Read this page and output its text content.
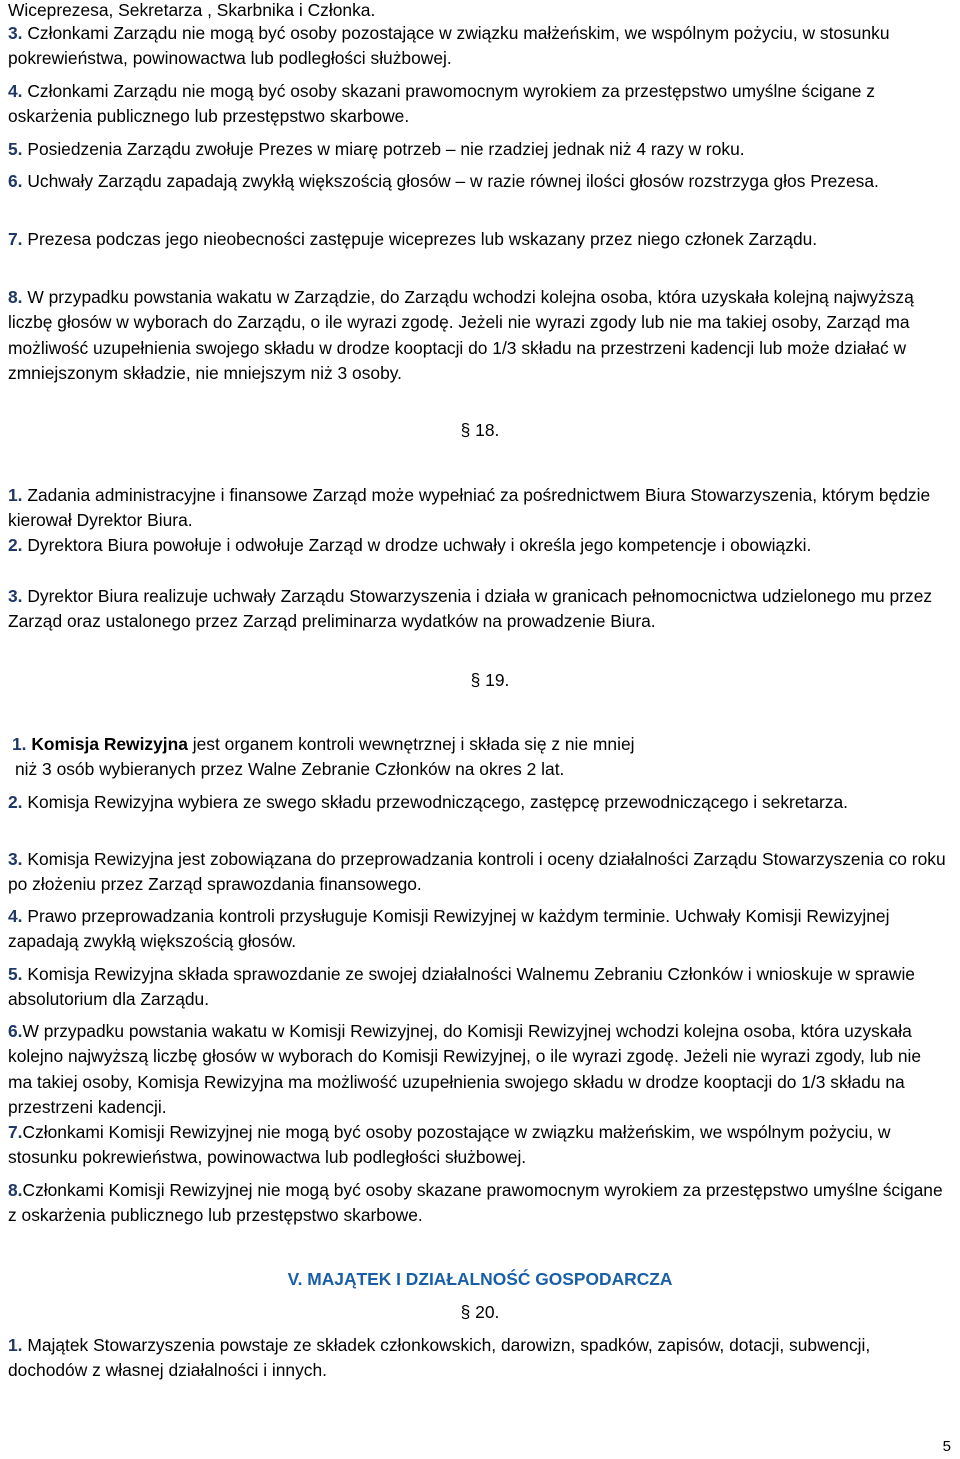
Wiceprezesa, Sekretarza , Skarbnika i Członka.

3. Członkami Zarządu nie mogą być osoby pozostające w związku małżeńskim, we wspólnym pożyciu, w stosunku pokrewieństwa, powinowactwa lub podległości służbowej.

4. Członkami Zarządu nie mogą być osoby skazani prawomocnym wyrokiem za przestępstwo umyślne ścigane z oskarżenia publicznego lub przestępstwo skarbowe.

5. Posiedzenia Zarządu zwołuje Prezes w miarę potrzeb – nie rzadziej jednak niż 4 razy w roku.

6. Uchwały Zarządu zapadają zwykłą większością głosów – w razie równej ilości głosów rozstrzyga głos Prezesa.

7. Prezesa podczas jego nieobecności zastępuje wiceprezes lub wskazany przez niego członek Zarządu.

8. W przypadku powstania wakatu w Zarządzie, do Zarządu wchodzi kolejna osoba, która uzyskała kolejną najwyższą liczbę głosów w wyborach do Zarządu, o ile wyrazi zgodę. Jeżeli nie wyrazi zgody lub nie ma takiej osoby, Zarząd ma możliwość uzupełnienia swojego składu w drodze kooptacji do 1/3 składu na przestrzeni kadencji lub może działać w zmniejszonym składzie, nie mniejszym niż 3 osoby.

§ 18.

1. Zadania administracyjne i finansowe Zarząd może wypełniać za pośrednictwem Biura Stowarzyszenia, którym będzie kierował Dyrektor Biura.

2. Dyrektora Biura powołuje i odwołuje Zarząd w drodze uchwały i określa jego kompetencje i obowiązki.

3. Dyrektor Biura realizuje uchwały Zarządu Stowarzyszenia i działa w granicach pełnomocnictwa udzielonego mu przez Zarząd oraz ustalonego przez Zarząd preliminarza wydatków na prowadzenie Biura.

§ 19.

1. Komisja Rewizyjna jest organem kontroli wewnętrznej i składa się z nie mniej
niż 3 osób wybieranych przez Walne Zebranie Członków na okres 2 lat.

2. Komisja Rewizyjna wybiera ze swego składu przewodniczącego, zastępcę przewodniczącego i sekretarza.

3. Komisja Rewizyjna jest zobowiązana do przeprowadzania kontroli i oceny działalności Zarządu Stowarzyszenia co roku po złożeniu przez Zarząd sprawozdania finansowego.

4. Prawo przeprowadzania kontroli przysługuje Komisji Rewizyjnej w każdym terminie. Uchwały Komisji Rewizyjnej zapadają zwykłą większością głosów.

5. Komisja Rewizyjna składa sprawozdanie ze swojej działalności Walnemu Zebraniu Członków i wnioskuje w sprawie absolutorium dla Zarządu.

6.W przypadku powstania wakatu w Komisji Rewizyjnej, do Komisji Rewizyjnej wchodzi kolejna osoba, która uzyskała kolejno najwyższą liczbę głosów w wyborach do Komisji Rewizyjnej, o ile wyrazi zgodę. Jeżeli nie wyrazi zgody, lub nie ma takiej osoby, Komisja Rewizyjna ma możliwość uzupełnienia swojego składu w drodze kooptacji do 1/3 składu na przestrzeni kadencji.

7.Członkami Komisji Rewizyjnej nie mogą być osoby pozostające w związku małżeńskim, we wspólnym pożyciu, w stosunku pokrewieństwa, powinowactwa lub podległości służbowej.

8.Członkami Komisji Rewizyjnej nie mogą być osoby skazane prawomocnym wyrokiem za przestępstwo umyślne ścigane z oskarżenia publicznego lub przestępstwo skarbowe.

V. MAJĄTEK I DZIAŁALNOŚĆ GOSPODARCZA

§ 20.

1. Majątek Stowarzyszenia powstaje ze składek członkowskich, darowizn, spadków, zapisów, dotacji, subwencji, dochodów z własnej działalności i innych.

5
